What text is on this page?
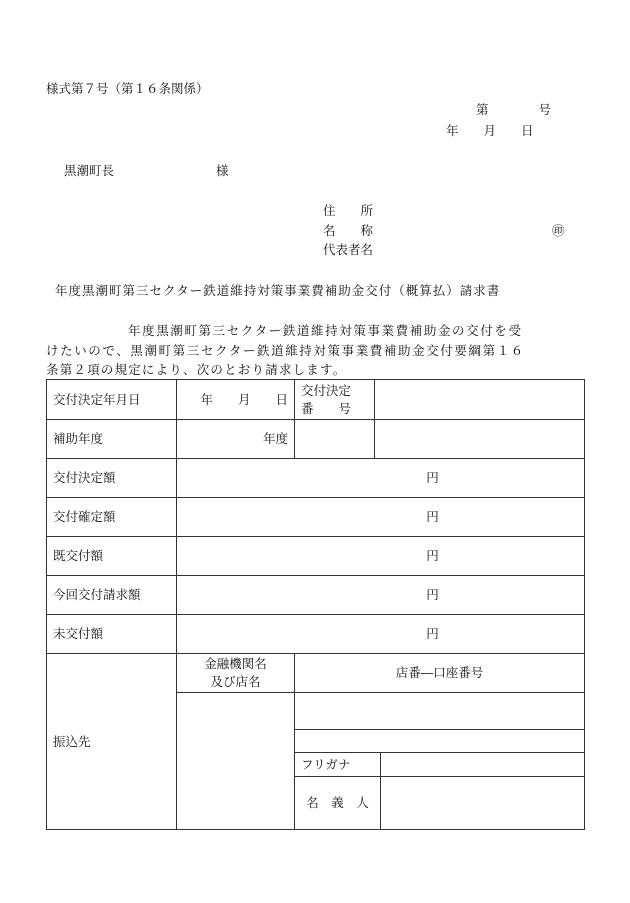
様式第７号（第１６条関係）
第　　　　号
年　　月　　日
黒潮町長	様
住　　所
名　　称	㊞
代表者名
年度黒潮町第三セクター鉄道維持対策事業費補助金交付（概算払）請求書
年度黒潮町第三セクター鉄道維持対策事業費補助金の交付を受
けたいので、黒潮町第三セクター鉄道維持対策事業費補助金交付要綱第１６
条第２項の規定により、次のとおり請求します。
交付決定年月日	年　　月　　日	交付決定
番　　号		

補助年度	年度			
交付決定額	円			
交付確定額	円			
既交付額	円			
今回交付請求額	円			
未交付額	円			
振込先	金融機関名
及び店名	店番―口座番号		

		フリガナ		
		名　義　人		
